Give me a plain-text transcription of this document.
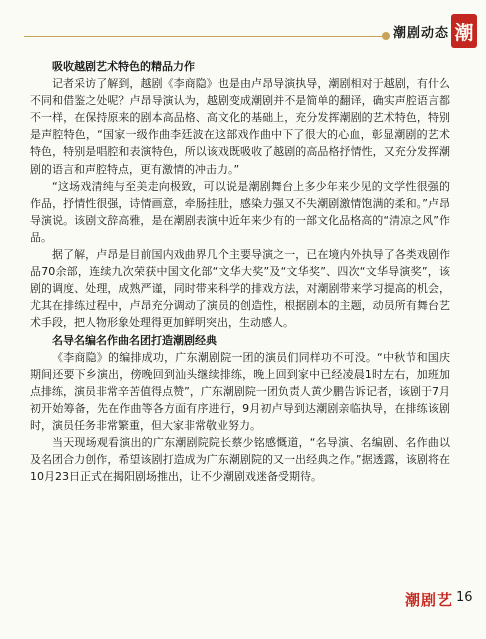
潮剧动态 潮
吸收越剧艺术特色的精品力作

记者采访了解到，越剧《李商隐》也是由卢昂导演执导，潮剧相对于越剧，有什么不同和借鉴之处呢？卢昂导演认为，越剧变成潮剧并不是简单的翻译，确实声腔语言都不一样，在保持原来的剧本高品格、高文化的基础上，充分发挥潮剧的艺术特色，特别是声腔特色，“国家一级作曲李廷波在这部戏作曲中下了很大的心血，彰显潮剧的艺术特色，特别是唱腔和表演特色，所以该戏既吸收了越剧的高品格抒情性，又充分发挥潮剧的语言和声腔特点，更有激情的冲击力。”

“这场戏清纯与至美走向极致，可以说是潮剧舞台上多少年来少见的文学性很强的作品，抒情性很强，诗情画意，牵肠挂肚，感染力强又不失潮剧激情饱满的柔和。”卢昂导演说。该剧文辞高雅，是在潮剧表演中近年来少有的一部文化品格高的“清凉之风”作品。

据了解，卢昂是目前国内戏曲界几个主要导演之一，已在境内外执导了各类戏剧作品70余部，连续九次荣获中国文化部“文华大奖”及“文华奖”、四次“文华导演奖”，该剧的调度、处理，成熟严谨，同时带来科学的排戏方法，对潮剧带来学习提高的机会，尤其在排练过程中，卢昂充分调动了演员的创造性，根据剧本的主题，动员所有舞台艺术手段，把人物形象处理得更加鲜明突出，生动感人。

名导名编名作曲名团打造潮剧经典

《李商隐》的编排成功，广东潮剧院一团的演员们同样功不可没。“中秋节和国庆期间还要下乡演出，傍晚回到汕头继续排练，晚上回到家中已经凌晨1时左右，加班加点排练，演员非常辛苦值得点赞”，广东潮剧院一团负责人黄少鹏告诉记者，该剧于7月初开始筹备，先在作曲等各方面有序进行，9月初卢导到达潮剧亲临执导，在排练该剧时，演员任务非常繁重，但大家非常敬业努力。

当天现场观看演出的广东潮剧院院长蔡少铭感慨道，“名导演、名编剧、名作曲以及名团合力创作，希望该剧打造成为广东潮剧院的又一出经典之作。”据透露，该剧将在10月23日正式在揭阳剧场推出，让不少潮剧戏迷备受期待。

潮剧艺 16
